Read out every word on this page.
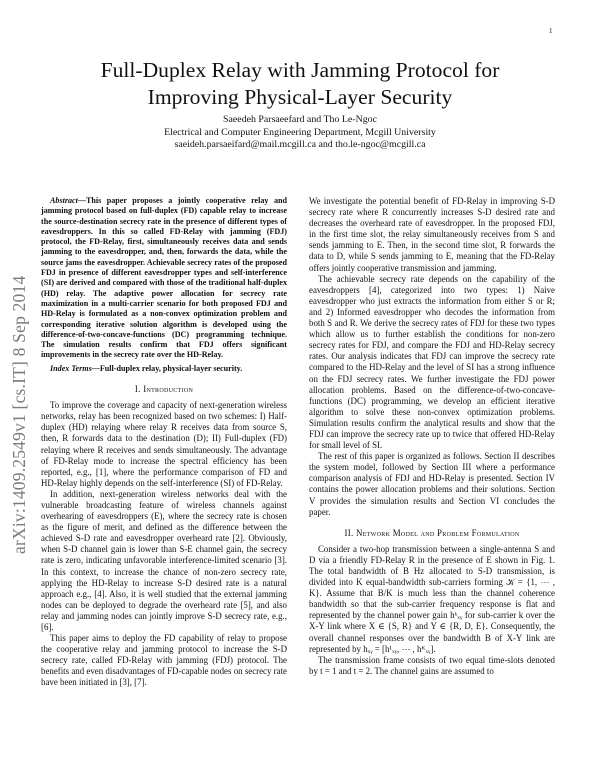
1
arXiv:1409.2549v1 [cs.IT] 8 Sep 2014
Full-Duplex Relay with Jamming Protocol for
Improving Physical-Layer Security
Saeedeh Parsaeefard and Tho Le-Ngoc
Electrical and Computer Engineering Department, Mcgill University
saeideh.parsaeifard@mail.mcgill.ca and tho.le-ngoc@mcgill.ca

Abstract—This paper proposes a jointly cooperative relay and jamming protocol based on full-duplex (FD) capable relay to increase the source-destination secrecy rate in the presence of different types of eavesdroppers. In this so called FD-Relay with jamming (FDJ) protocol, the FD-Relay, first, simultaneously receives data and sends jamming to the eavesdropper, and, then, forwards the data, while the source jams the eavesdropper. Achievable secrecy rates of the proposed FDJ in presence of different eavesdropper types and self-interference (SI) are derived and compared with those of the traditional half-duplex (HD) relay. The adaptive power allocation for secrecy rate maximization in a multi-carrier scenario for both proposed FDJ and HD-Relay is formulated as a non-convex optimization problem and corresponding iterative solution algorithm is developed using the difference-of-two-concave-functions (DC) programming technique. The simulation results confirm that FDJ offers significant improvements in the secrecy rate over the HD-Relay.

Index Terms—Full-duplex relay, physical-layer security.

I. Introduction

To improve the coverage and capacity of next-generation wireless networks, relay has been recognized based on two schemes: I) Half-duplex (HD) relaying where relay R receives data from source S, then, R forwards data to the destination (D); II) Full-duplex (FD) relaying where R receives and sends simultaneously. The advantage of FD-Relay mode to increase the spectral efficiency has been reported, e.g., [1], where the performance comparison of FD and HD-Relay highly depends on the self-interference (SI) of FD-Relay.

In addition, next-generation wireless networks deal with the vulnerable broadcasting feature of wireless channels against overhearing of eavesdroppers (E), where the secrecy rate is chosen as the figure of merit, and defined as the difference between the achieved S-D rate and eavesdropper overheard rate [2]. Obviously, when S-D channel gain is lower than S-E channel gain, the secrecy rate is zero, indicating unfavorable interference-limited scenario [3]. In this context, to increase the chance of non-zero secrecy rate, applying the HD-Relay to increase S-D desired rate is a natural approach e.g., [4]. Also, it is well studied that the external jamming nodes can be deployed to degrade the overheard rate [5], and also relay and jamming nodes can jointly improve S-D secrecy rate, e.g., [6].

This paper aims to deploy the FD capability of relay to propose the cooperative relay and jamming protocol to increase the S-D secrecy rate, called FD-Relay with jamming (FDJ) protocol. The benefits and even disadvantages of FD-capable nodes on secrecy rate have been initiated in [3], [7].

We investigate the potential benefit of FD-Relay in improving S-D secrecy rate where R concurrently increases S-D desired rate and decreases the overheard rate of eavesdropper. In the proposed FDJ, in the first time slot, the relay simultaneously receives from S and sends jamming to E. Then, in the second time slot, R forwards the data to D, while S sends jamming to E, meaning that the FD-Relay offers jointly cooperative transmission and jamming.

The achievable secrecy rate depends on the capability of the eavesdroppers [4], categorized into two types: 1) Naive eavesdropper who just extracts the information from either S or R; and 2) Informed eavesdropper who decodes the information from both S and R. We derive the secrecy rates of FDJ for these two types which allow us to further establish the conditions for non-zero secrecy rates for FDJ, and compare the FDJ and HD-Relay secrecy rates. Our analysis indicates that FDJ can improve the secrecy rate compared to the HD-Relay and the level of SI has a strong influence on the FDJ secrecy rates. We further investigate the FDJ power allocation problems. Based on the difference-of-two-concave-functions (DC) programming, we develop an efficient iterative algorithm to solve these non-convex optimization problems. Simulation results confirm the analytical results and show that the FDJ can improve the secrecy rate up to twice that offered HD-Relay for small level of SI.

The rest of this paper is organized as follows. Section II describes the system model, followed by Section III where a performance comparison analysis of FDJ and HD-Relay is presented. Section IV contains the power allocation problems and their solutions. Section V provides the simulation results and Section VI concludes the paper.

II. Network Model and Problem Formulation

Consider a two-hop transmission between a single-antenna S and D via a friendly FD-Relay R in the presence of E shown in Fig. 1. The total bandwidth of B Hz allocated to S-D transmission, is divided into K equal-bandwidth sub-carriers forming 𝒦 = {1, ⋯ , K}. Assume that B/K is much less than the channel coherence bandwidth so that the sub-carrier frequency response is flat and represented by the channel power gain hᵏₓᵧ for sub-carrier k over the X-Y link where X ∈ {S, R} and Y ∈ {R, D, E}. Consequently, the overall channel responses over the bandwidth B of X-Y link are represented by hₓᵧ = [h¹ₓᵧ, ⋯ , hᴷₓᵧ].

The transmission frame consists of two equal time-slots denoted by t = 1 and t = 2. The channel gains are assumed to
